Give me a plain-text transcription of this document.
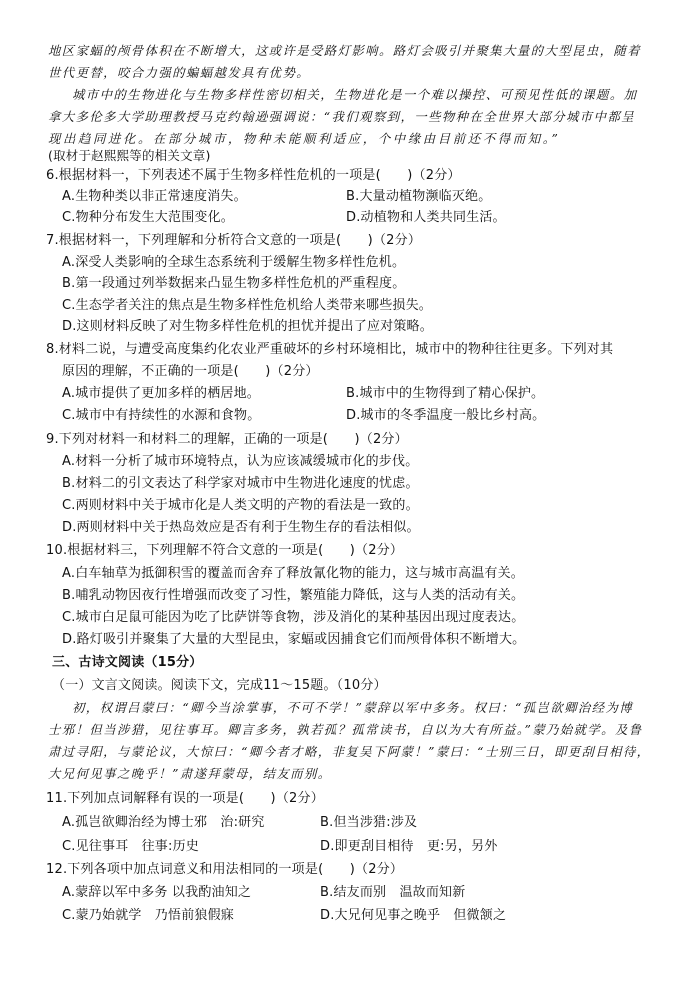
地区家蝠的颅骨体积在不断增大，这或许是受路灯影响。路灯会吸引并聚集大量的大型昆虫，随着
世代更替，咬合力强的蝙蝠越发具有优势。
城市中的生物进化与生物多样性密切相关，生物进化是一个难以操控、可预见性低的课题。加
拿大多伦多大学助理教授马克约翰逊强调说：“我们观察到，一些物种在全世界大部分城市中都呈
现出趋同进化。在部分城市，物种未能顺利适应，个中缘由目前还不得而知。”
(取材于赵熙熙等的相关文章)
6.根据材料一，下列表述不属于生物多样性危机的一项是(　　)（2分）
A.生物种类以非正常速度消失。	B.大量动植物濒临灭绝。
C.物种分布发生大范围变化。	D.动植物和人类共同生活。
7.根据材料一，下列理解和分析符合文意的一项是(　　)（2分）
A.深受人类影响的全球生态系统利于缓解生物多样性危机。
B.第一段通过列举数据来凸显生物多样性危机的严重程度。
C.生态学者关注的焦点是生物多样性危机给人类带来哪些损失。
D.这则材料反映了对生物多样性危机的担忧并提出了应对策略。
8.材料二说，与遭受高度集约化农业严重破坏的乡村环境相比，城市中的物种往往更多。下列对其
原因的理解，不正确的一项是(　　)（2分）
A.城市提供了更加多样的栖居地。	B.城市中的生物得到了精心保护。
C.城市中有持续性的水源和食物。	D.城市的冬季温度一般比乡村高。
9.下列对材料一和材料二的理解，正确的一项是(　　)（2分）
A.材料一分析了城市环境特点，认为应该减缓城市化的步伐。
B.材料二的引文表达了科学家对城市中生物进化速度的忧虑。
C.两则材料中关于城市化是人类文明的产物的看法是一致的。
D.两则材料中关于热岛效应是否有利于生物生存的看法相似。
10.根据材料三，下列理解不符合文意的一项是(　　)（2分）
A.白车轴草为抵御积雪的覆盖而舍弃了释放氰化物的能力，这与城市高温有关。
B.哺乳动物因夜行性增强而改变了习性，繁殖能力降低，这与人类的活动有关。
C.城市白足鼠可能因为吃了比萨饼等食物，涉及消化的某种基因出现过度表达。
D.路灯吸引并聚集了大量的大型昆虫，家蝠或因捕食它们而颅骨体积不断增大。
三、古诗文阅读（15分）
（一）文言文阅读。阅读下文，完成11～15题。（10分）
初，权谓吕蒙曰：“卿今当涂掌事，不可不学！”蒙辞以军中多务。权曰：“孤岂欲卿治经为博
士邪！但当涉猎，见往事耳。卿言多务，孰若孤？孤常读书，自以为大有所益。”蒙乃始就学。及鲁
肃过寻阳，与蒙论议，大惊曰：“卿今者才略，非复吴下阿蒙！”蒙曰：“士别三日，即更刮目相待，
大兄何见事之晚乎！”肃遂拜蒙母，结友而别。
11.下列加点词解释有误的一项是(　　)（2分）
A.孤岂欲卿治经为博士邪　治:研究	B.但当涉猎:涉及
C.见往事耳　往事:历史	D.即更刮目相待　更:另，另外
12.下列各项中加点词意义和用法相同的一项是(　　)（2分）
A.蒙辞以军中多务 以我酌油知之	B.结友而别　温故而知新
C.蒙乃始就学　乃悟前狼假寐	D.大兄何见事之晚乎　但微颔之
